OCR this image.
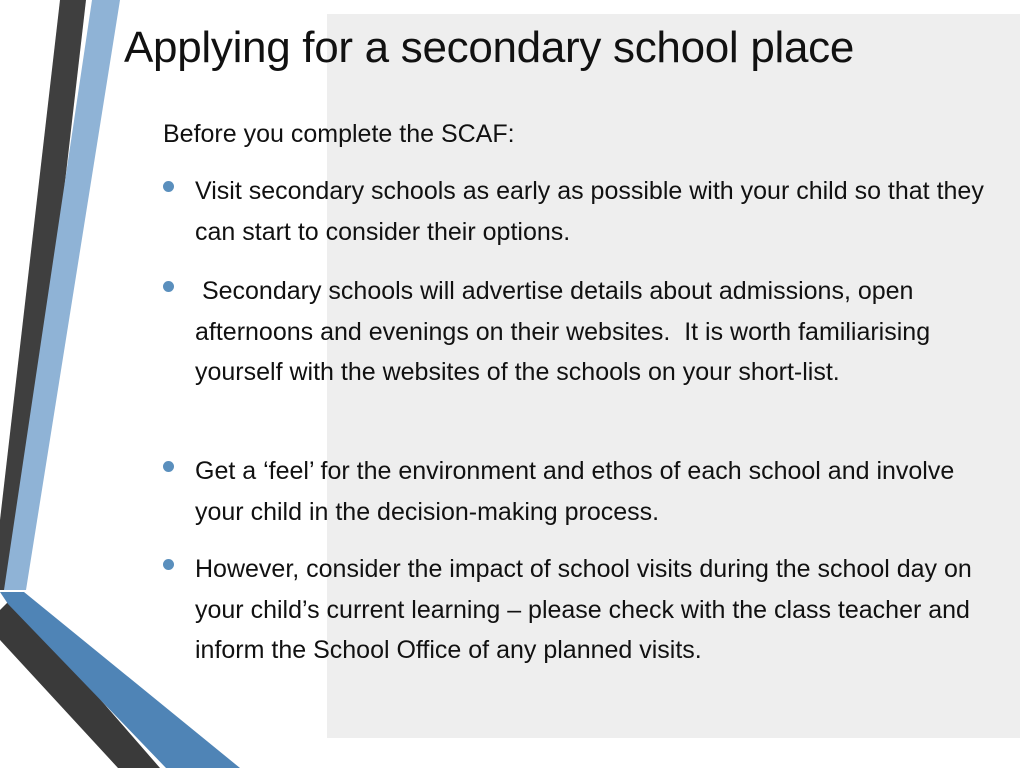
Applying for a secondary school place

Before you complete the SCAF:

Visit secondary schools as early as possible with your child so that they can start to consider their options.

Secondary schools will advertise details about admissions, open afternoons and evenings on their websites.  It is worth familiarising yourself with the websites of the schools on your short-list.

Get a ‘feel’ for the environment and ethos of each school and involve your child in the decision-making process.

However, consider the impact of school visits during the school day on your child’s current learning – please check with the class teacher and inform the School Office of any planned visits.
